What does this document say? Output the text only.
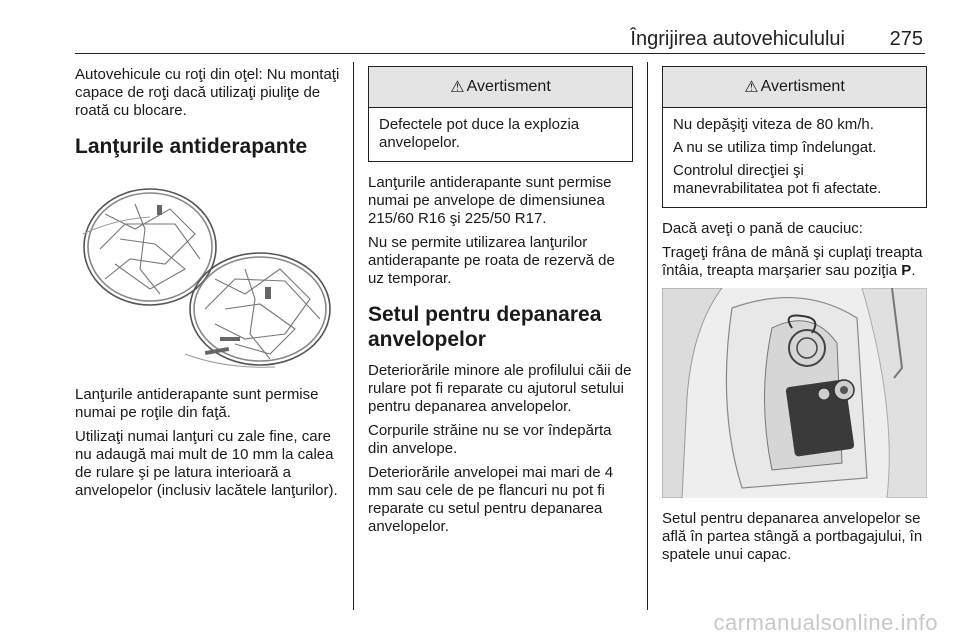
Îngrijirea autovehiculului 275

Autovehicule cu roţi din oţel: Nu montaţi capace de roţi dacă utilizaţi piuliţe de roată cu blocare.

Lanţurile antiderapante

Lanţurile antiderapante sunt permise numai pe roţile din faţă.

Utilizaţi numai lanţuri cu zale fine, care nu adaugă mai mult de 10 mm la calea de rulare şi pe latura interioară a anvelopelor (inclusiv lacătele lanţurilor).

⚠ Avertisment

Defectele pot duce la explozia anvelopelor.

Lanţurile antiderapante sunt permise numai pe anvelope de dimensiunea 215/60 R16 şi 225/50 R17.

Nu se permite utilizarea lanţurilor antiderapante pe roata de rezervă de uz temporar.

Setul pentru depanarea anvelopelor

Deteriorările minore ale profilului căii de rulare pot fi reparate cu ajutorul setului pentru depanarea anvelopelor.

Corpurile străine nu se vor îndepărta din anvelope.

Deteriorările anvelopei mai mari de 4 mm sau cele de pe flancuri nu pot fi reparate cu setul pentru depanarea anvelopelor.

⚠ Avertisment

Nu depăşiţi viteza de 80 km/h.

A nu se utiliza timp îndelungat.

Controlul direcţiei şi manevrabilitatea pot fi afectate.

Dacă aveţi o pană de cauciuc:

Trageţi frâna de mână şi cuplaţi treapta întâia, treapta marşarier sau poziţia P.

Setul pentru depanarea anvelopelor se află în partea stângă a portbagajului, în spatele unui capac.

carmanualsonline.info
